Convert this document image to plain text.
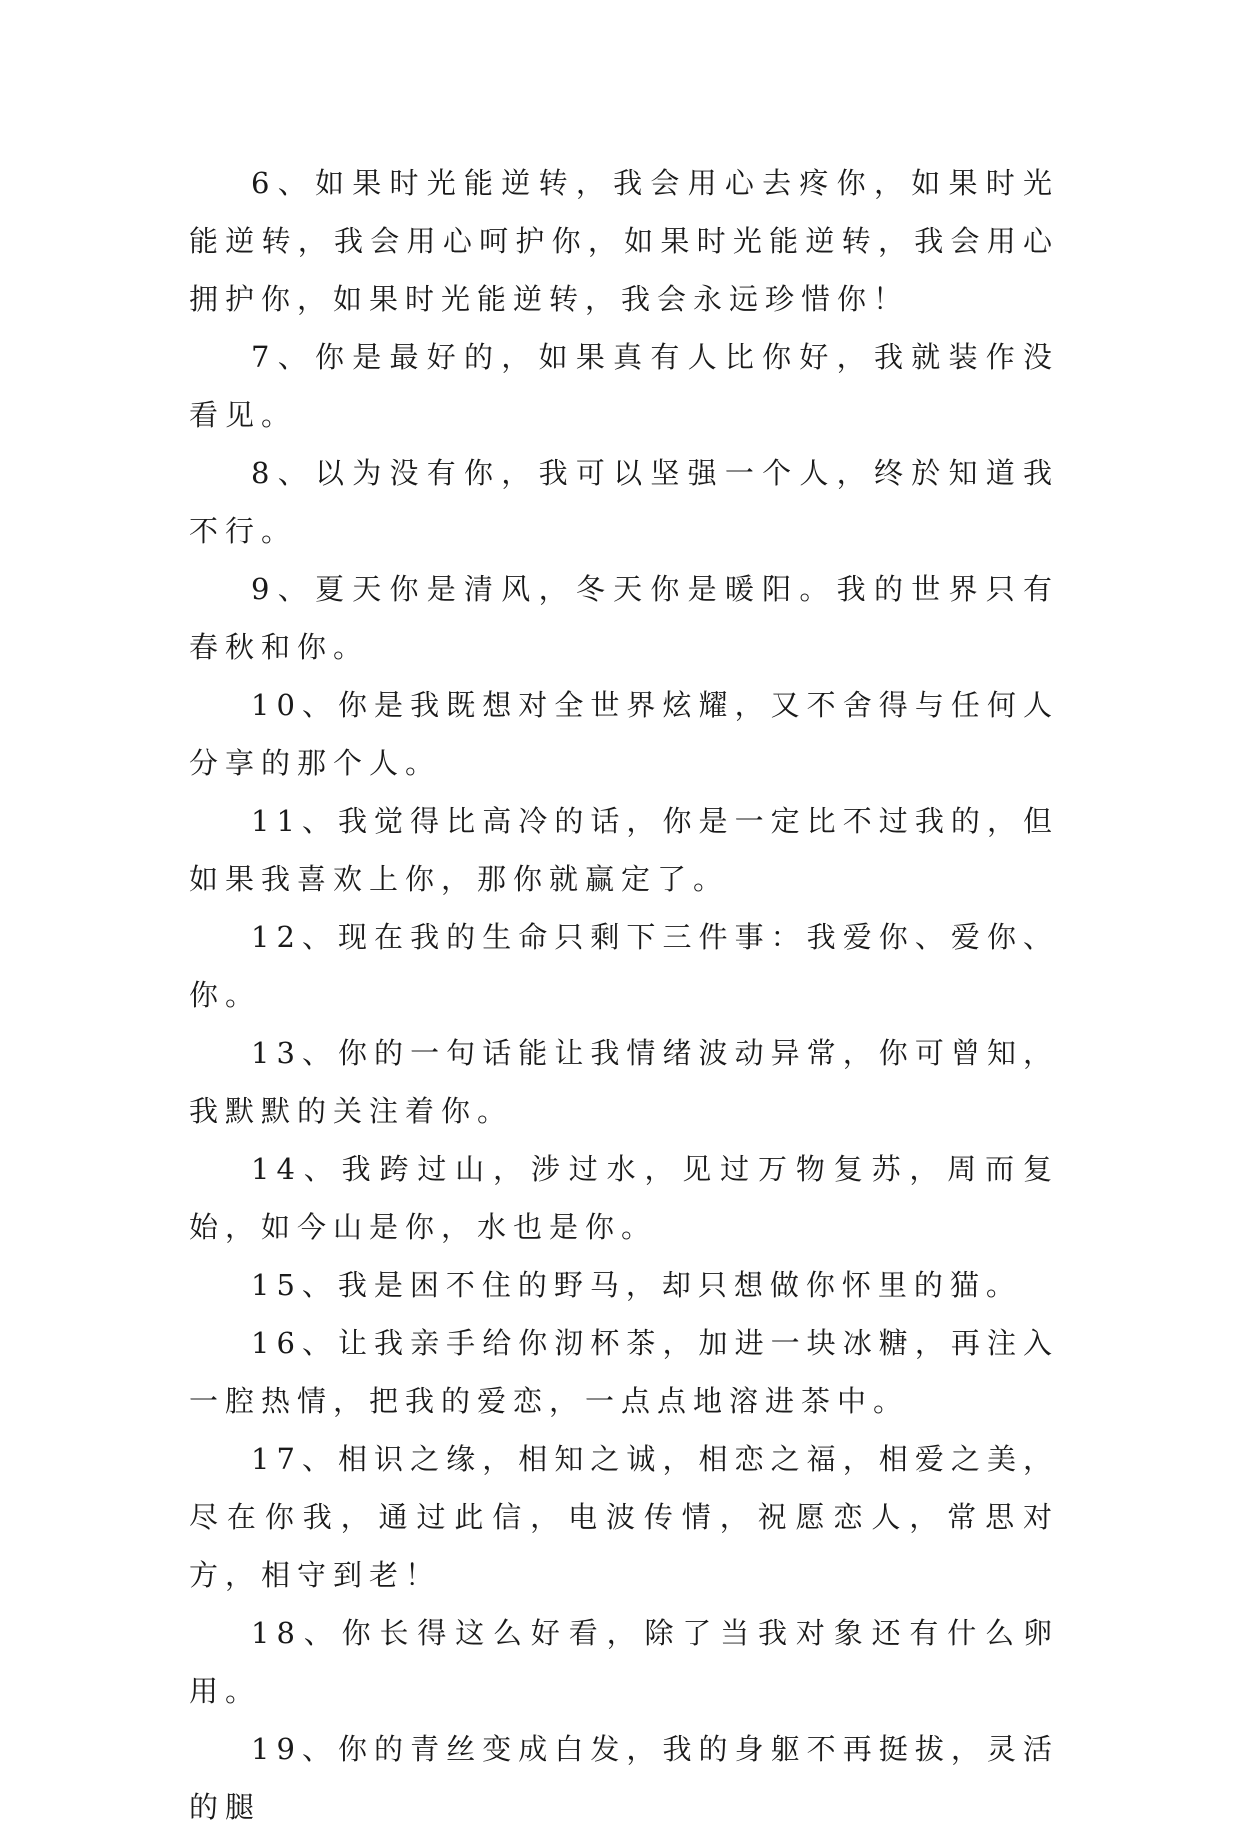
6、如果时光能逆转，我会用心去疼你，如果时光能逆转，我会用心呵护你，如果时光能逆转，我会用心拥护你，如果时光能逆转，我会永远珍惜你！

7、你是最好的，如果真有人比你好，我就装作没看见。

8、以为没有你，我可以坚强一个人，终於知道我不行。

9、夏天你是清风，冬天你是暖阳。我的世界只有春秋和你。

10、你是我既想对全世界炫耀，又不舍得与任何人分享的那个人。

11、我觉得比高冷的话，你是一定比不过我的，但如果我喜欢上你，那你就赢定了。

12、现在我的生命只剩下三件事：我爱你、爱你、你。

13、你的一句话能让我情绪波动异常，你可曾知，我默默的关注着你。

14、我跨过山，涉过水，见过万物复苏，周而复始，如今山是你，水也是你。

15、我是困不住的野马，却只想做你怀里的猫。

16、让我亲手给你沏杯茶，加进一块冰糖，再注入一腔热情，把我的爱恋，一点点地溶进茶中。

17、相识之缘，相知之诚，相恋之福，相爱之美，尽在你我，通过此信，电波传情，祝愿恋人，常思对方，相守到老！

18、你长得这么好看，除了当我对象还有什么卵用。

19、你的青丝变成白发，我的身躯不再挺拔，灵活的腿
